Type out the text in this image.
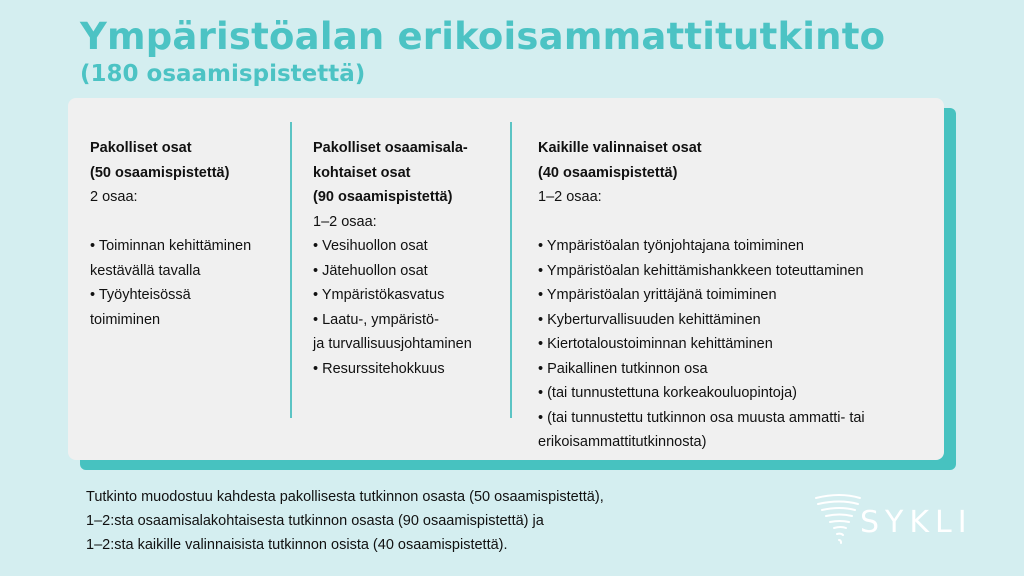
Ympäristöalan erikoisammattitutkinto
(180 osaamispistettä)
Pakolliset osat
(50 osaamispistettä)
2 osaa:
• Toiminnan kehittäminen
kestävällä tavalla
• Työyhteisössä
toimiminen
Pakolliset osaamisala-
kohtaiset osat
(90 osaamispistettä)
1–2 osaa:
• Vesihuollon osat
• Jätehuollon osat
• Ympäristökasvatus
• Laatu-, ympäristö-
ja turvallisuusjohtaminen
• Resurssitehokkuus
Kaikille valinnaiset osat
(40 osaamispistettä)
1–2 osaa:
• Ympäristöalan työnjohtajana toimiminen
• Ympäristöalan kehittämishankkeen toteuttaminen
• Ympäristöalan yrittäjänä toimiminen
• Kyberturvallisuuden kehittäminen
• Kiertotaloustoiminnan kehittäminen
• Paikallinen tutkinnon osa
• (tai tunnustettuna korkeakouluopintoja)
• (tai tunnustettu tutkinnon osa muusta ammatti- tai
erikoisammattitutkinnosta)
Tutkinto muodostuu kahdesta pakollisesta tutkinnon osasta (50 osaamispistettä),
1–2:sta osaamisalakohtaisesta tutkinnon osasta (90 osaamispistettä) ja
1–2:sta kaikille valinnaisista tutkinnon osista (40 osaamispistettä).
SYKLI
